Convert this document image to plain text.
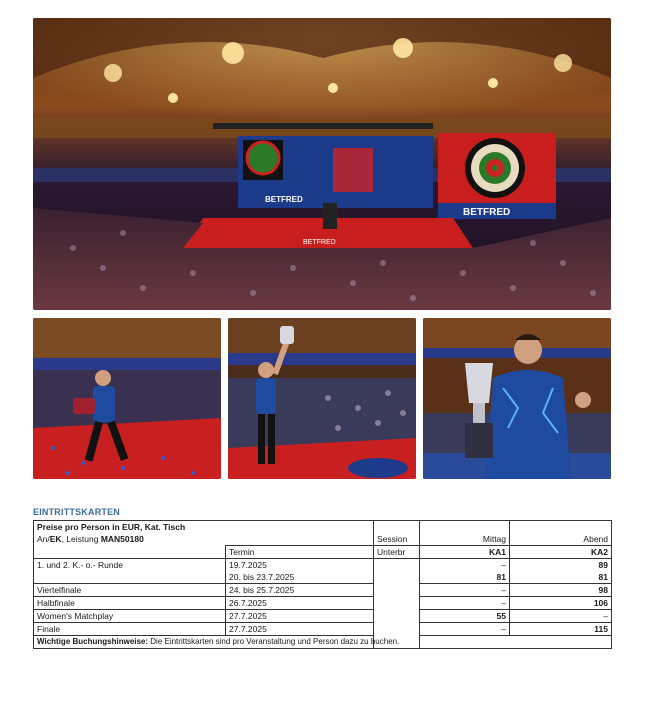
BETFRED
BETFRED
BETFRED
EINTRITTSKARTEN
Preise pro Person in EUR, Kat. Tisch
An/EK, Leistung MAN50180		Session	Mittag	Abend
	Termin	Unterbr	KA1	KA2
1. und 2. K.- o.- Runde	19.7.2025		–	89
	20. bis 23.7.2025		81	81
Viertelfinale	24. bis 25.7.2025		–	98
Halbfinale	26.7.2025		–	106
Women's Matchplay	27.7.2025		55	–
Finale	27.7.2025		–	115
Wichtige Buchungshinweise: Die Eintrittskarten sind pro Veranstaltung und Person dazu zu buchen.				
